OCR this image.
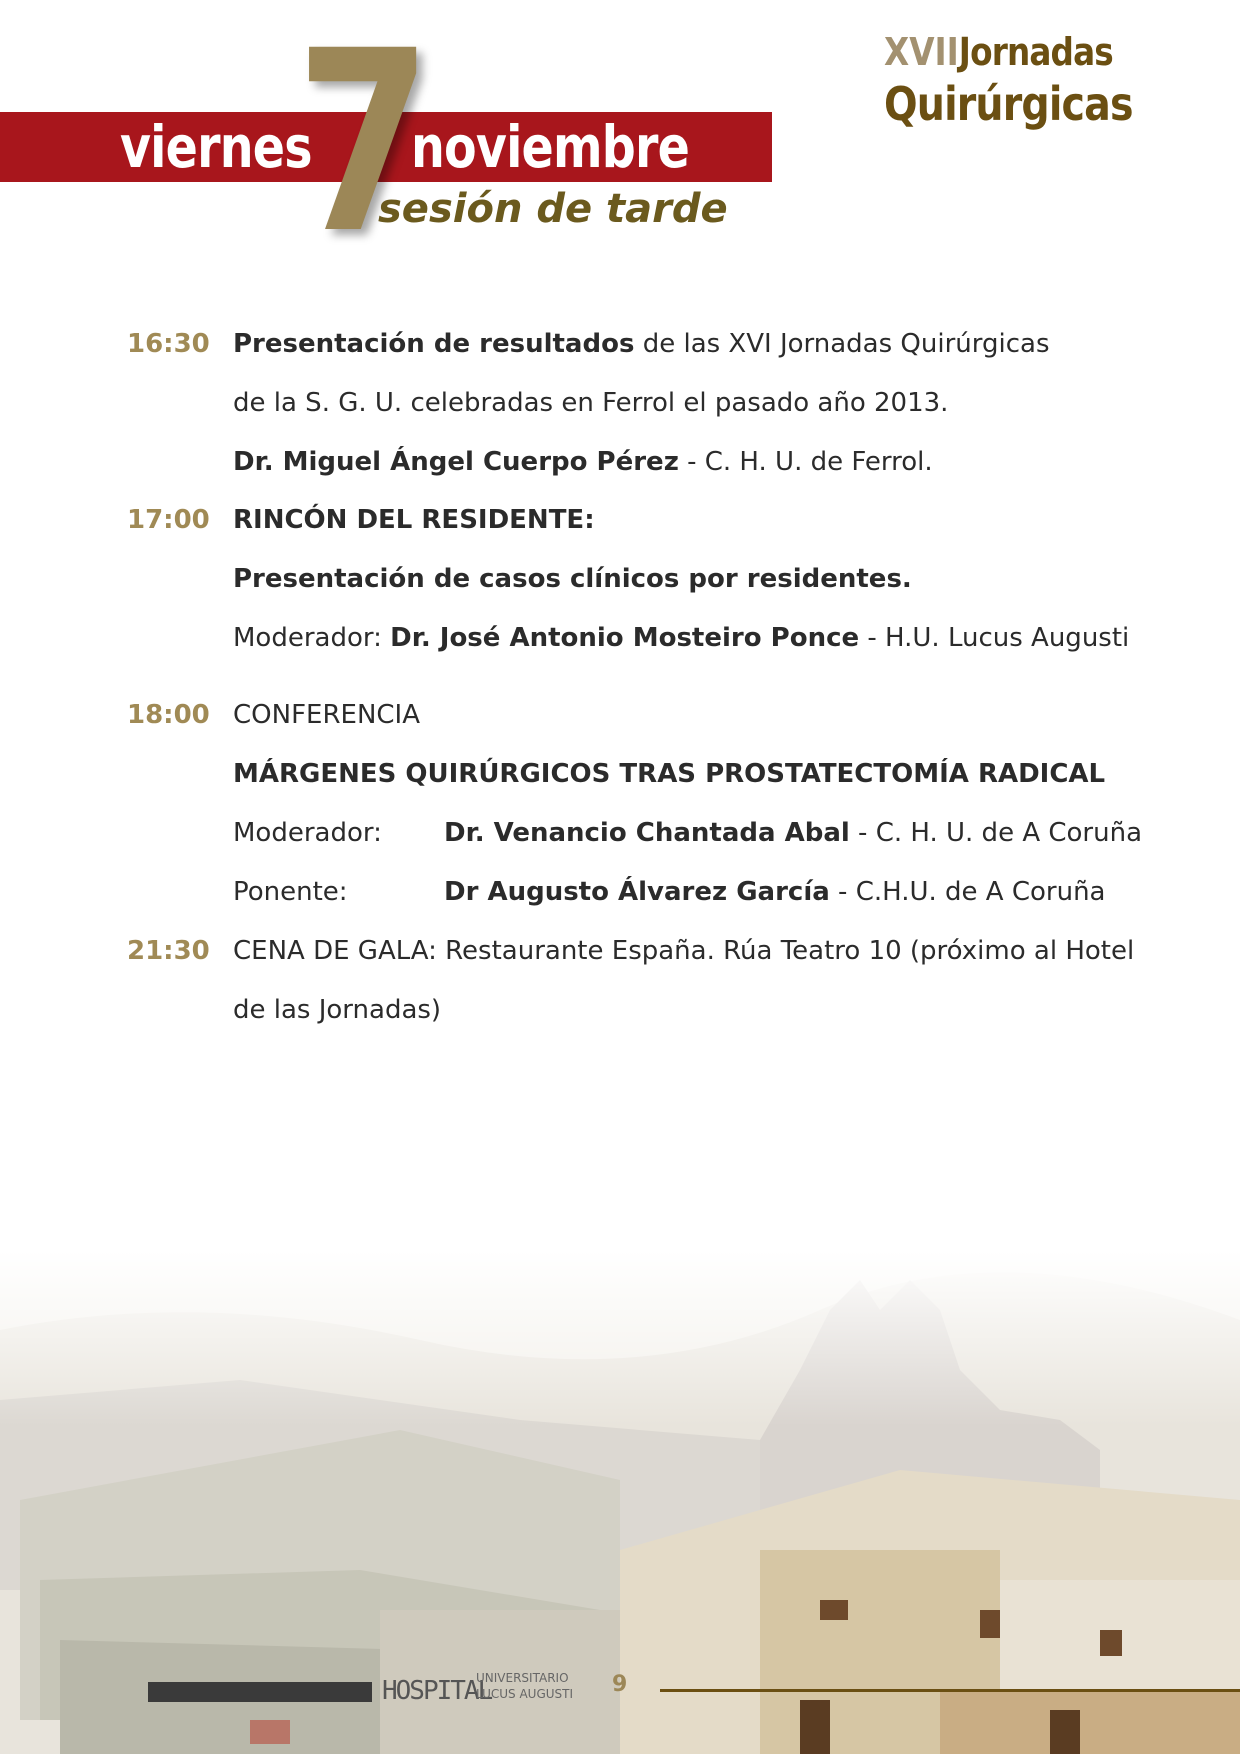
7
viernes noviembre
sesión de tarde
XVIIJornadas
Quirúrgicas
16:30 Presentación de resultados de las XVI Jornadas Quirúrgicas
de la S. G. U. celebradas en Ferrol el pasado año 2013.
Dr. Miguel Ángel Cuerpo Pérez - C. H. U. de Ferrol.
17:00 RINCÓN DEL RESIDENTE:
Presentación de casos clínicos por residentes.
Moderador: Dr. José Antonio Mosteiro Ponce - H.U. Lucus Augusti
18:00 CONFERENCIA
MÁRGENES QUIRÚRGICOS TRAS PROSTATECTOMÍA RADICAL
Moderador: Dr. Venancio Chantada Abal - C. H. U. de A Coruña
Ponente:	Dr Augusto Álvarez García - C.H.U. de A Coruña
21:30 CENA DE GALA: Restaurante España. Rúa Teatro 10 (próximo al Hotel
de las Jornadas)
HOSPITAL
UNIVERSITARIO
LUCUS AUGUSTI 9
